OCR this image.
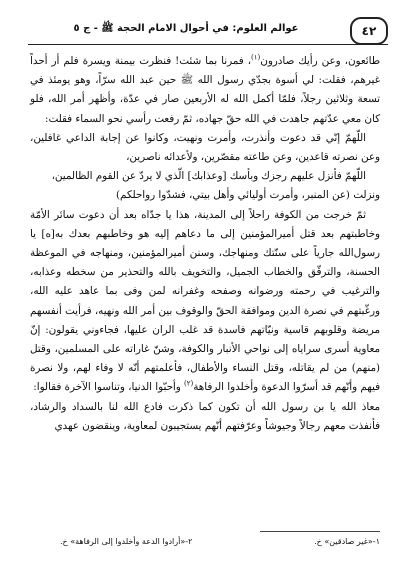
٤٢
عوالم العلوم: في أحوال الامام الحجة ﷺ - ج ٥

طائعون، وعن رأيك صادرون$^{(١)}$، فمرنا بما شئت! فنظرت بيمنة ويسرة فلم أر أحداً غيرهم، فقلت: لي أسوة بجدّي رسول الله ﷺ حين عبد الله سرّاً، وهو يومئذ في تسعة وثلاثين رجلاً، فلمّا أكمل الله له الأربعين صار في عدّة، وأظهر أمر الله، فلو كان معي عدّتهم جاهدت في الله حقّ جهاده، ثمّ رفعت رأسي نحو السماء فقلت:

اللّهمّ إنّي قد دعوت وأنذرت، وأمرت ونهيت، وكانوا عن إجابة الداعي غافلين، وعن نصرته قاعدين، وعن طاعته مقصّرين، ولأعدائه ناصرين،

اللّهمّ فأنزل عليهم رجزك وبأسك [وعذابك] الّذي لا يردّ عن القوم الظالمين،

ونزلت (عن المنبر، وأمرت أوليائي وأهل بيتي، فشدّوا رواحلكم)

ثمّ خرجت من الكوفة راحلاً إلى المدينة، هذا يا جدّاه بعد أن دعوت سائر الأمّة وخاطبتهم بعد قتل أميرالمؤمنين إلى ما دعاهم إليه هو وخاطبهم بعدك به[ه] يا رسول‌الله جارياً على سنّتك ومنهاجك، وسنن أميرالمؤمنين، ومنهاجه في الموعظة الحسنة، والترقّق والخطاب الجميل، والتخويف بالله والتحذير من سخطه وعذابه، والترغيب في رحمته ورضوانه وصفحه وغفرانه لمن وفى بما عاهد عليه الله، ورغّبتهم في نصرة الدين وموافقة الحقّ والوقوف بين أمر الله ونهيه، فرأيت أنفسهم مريضة وقلوبهم قاسية ونيّاتهم فاسدة قد غلب الران عليها، فجاءوني يقولون: إنّ معاوية أسرى سراياه إلى نواحي الأنبار والكوفة، وشنّ غاراته على المسلمين، وقتل (منهم) من لم يقاتله، وقتل النساء والأطفال، فأعلمتهم أنّه لا وفاء لهم، ولا نصرة فيهم وأنّهم قد أسرّوا الدعوة وأخلدوا الرفاهة$^{(٢)}$ وأحبّوا الدنيا، وتناسوا الآخرة فقالوا:

معاذ الله يا بن رسول الله أن تكون كما ذكرت فادع الله لنا بالسداد والرشاد، فأنفذت معهم رجالاً وجيوشاً وعرّفتهم أنّهم يستجيبون لمعاوية، وينقضون عهدي

١-«غير صادقين» خ.
٢-«أرادوا الدعة وأخلدوا إلى الرفاهة» خ.
